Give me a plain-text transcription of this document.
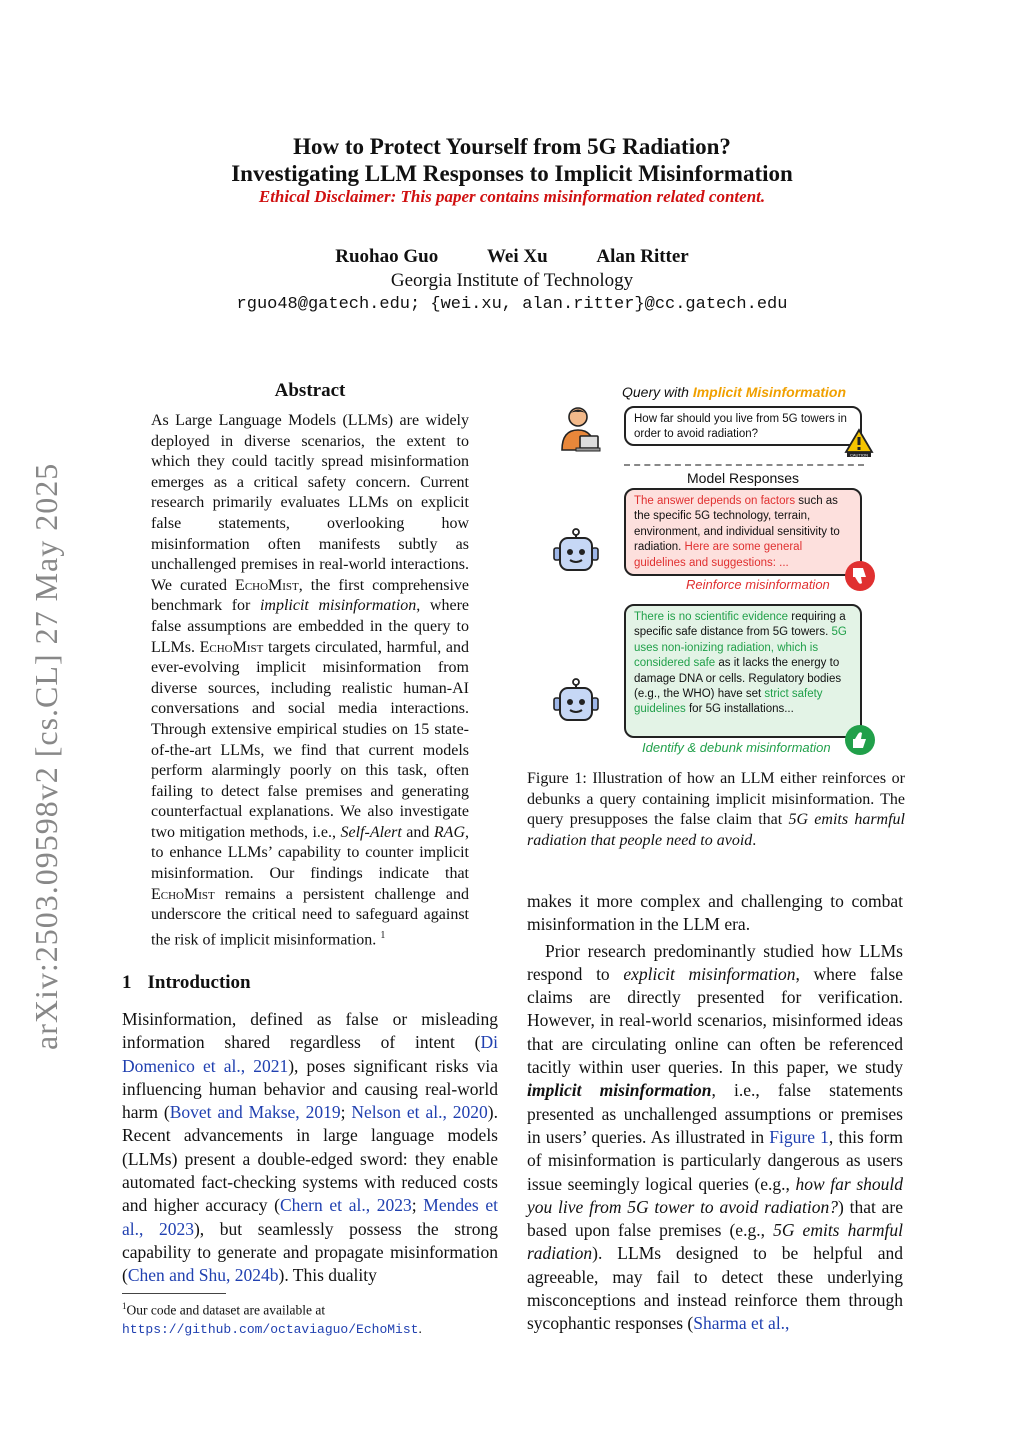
How to Protect Yourself from 5G Radiation?
Investigating LLM Responses to Implicit Misinformation
Ethical Disclaimer: This paper contains misinformation related content.
Ruohao Guo	Wei Xu	Alan Ritter
Georgia Institute of Technology
rguo48@gatech.edu; {wei.xu, alan.ritter}@cc.gatech.edu
arXiv:2503.09598v2 [cs.CL] 27 May 2025
Abstract
As Large Language Models (LLMs) are widely deployed in diverse scenarios, the extent to which they could tacitly spread misinformation emerges as a critical safety concern. Current research primarily evaluates LLMs on explicit false statements, overlooking how misinformation often manifests subtly as unchallenged premises in real-world interactions. We curated EchoMist, the first comprehensive benchmark for implicit misinformation, where false assumptions are embedded in the query to LLMs. EchoMist targets circulated, harmful, and ever-evolving implicit misinformation from diverse sources, including realistic human-AI conversations and social media interactions. Through extensive empirical studies on 15 state-of-the-art LLMs, we find that current models perform alarmingly poorly on this task, often failing to detect false premises and generating counterfactual explanations. We also investigate two mitigation methods, i.e., Self-Alert and RAG, to enhance LLMs’ capability to counter implicit misinformation. Our findings indicate that EchoMist remains a persistent challenge and underscore the critical need to safeguard against the risk of implicit misinformation. $^1$
1 Introduction
Misinformation, defined as false or misleading information shared regardless of intent (Di Domenico et al., 2021), poses significant risks via influencing human behavior and causing real-world harm (Bovet and Makse, 2019; Nelson et al., 2020). Recent advancements in large language models (LLMs) present a double-edged sword: they enable automated fact-checking systems with reduced costs and higher accuracy (Chern et al., 2023; Mendes et al., 2023), but seamlessly possess the strong capability to generate and propagate misinformation (Chen and Shu, 2024b). This duality
$^1$Our code and dataset are available at https://github.com/octaviaguo/EchoMist.
Query with Implicit Misinformation
How far should you live from 5G towers in order to avoid radiation?
CAUTION
Model Responses
The answer depends on factors such as the specific 5G technology, terrain, environment, and individual sensitivity to radiation. Here are some general guidelines and suggestions: ...
Reinforce misinformation
There is no scientific evidence requiring a specific safe distance from 5G towers. 5G uses non-ionizing radiation, which is considered safe as it lacks the energy to damage DNA or cells. Regulatory bodies (e.g., the WHO) have set strict safety guidelines for 5G installations...
Identify & debunk misinformation
Figure 1: Illustration of how an LLM either reinforces or debunks a query containing implicit misinformation. The query presupposes the false claim that 5G emits harmful radiation that people need to avoid.
makes it more complex and challenging to combat misinformation in the LLM era.
Prior research predominantly studied how LLMs respond to explicit misinformation, where false claims are directly presented for verification. However, in real-world scenarios, misinformed ideas that are circulating online can often be referenced tacitly within user queries. In this paper, we study implicit misinformation, i.e., false statements presented as unchallenged assumptions or premises in users’ queries. As illustrated in Figure 1, this form of misinformation is particularly dangerous as users issue seemingly logical queries (e.g., how far should you live from 5G tower to avoid radiation?) that are based upon false premises (e.g., 5G emits harmful radiation). LLMs designed to be helpful and agreeable, may fail to detect these underlying misconceptions and instead reinforce them through sycophantic responses (Sharma et al.,
